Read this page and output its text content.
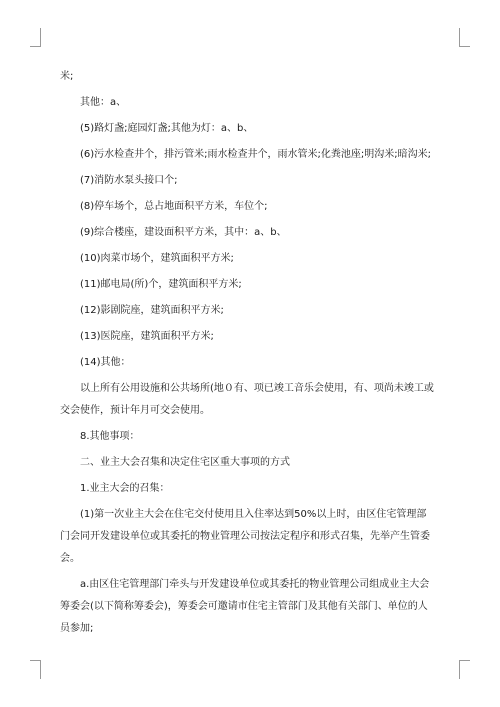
米;
其他：a、
(5)路灯盏;庭园灯盏;其他为灯：a、b、
(6)污水检查井个，排污管米;雨水检查井个，雨水管米;化粪池座;明沟米;暗沟米;
(7)消防水泵头接口个;
(8)停车场个，总占地面积平方米，车位个;
(9)综合楼座，建设面积平方米，其中：a、b、
(10)肉菜市场个，建筑面积平方米;
(11)邮电局(所)个，建筑面积平方米;
(12)影剧院座，建筑面积平方米;
(13)医院座，建筑面积平方米;
(14)其他：
以上所有公用设施和公共场所(地０有、项已竣工音乐会使用，有、项尚未竣工或
交会使作，预计年月可交会使用。
8.其他事项：
二、业主大会召集和决定住宅区重大事项的方式
1.业主大会的召集：
(1)第一次业主大会在住宅交付使用且入住率达到50%以上时，由区住宅管理部
门会同开发建设单位或其委托的物业管理公司按法定程序和形式召集，先举产生管委
会。
a.由区住宅管理部门牵头与开发建设单位或其委托的物业管理公司组成业主大会
筹委会(以下简称筹委会)，筹委会可邀请市住宅主管部门及其他有关部门、单位的人
员参加;
